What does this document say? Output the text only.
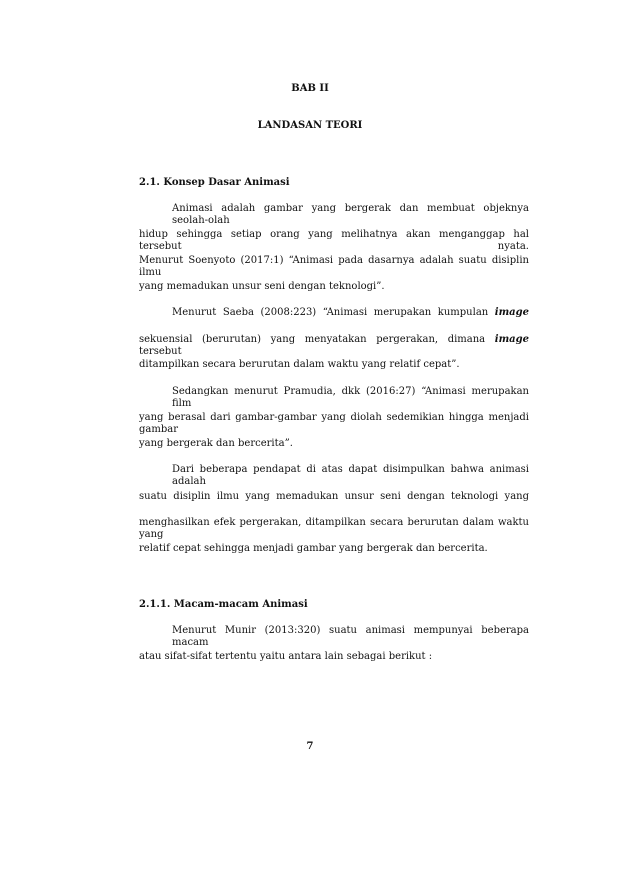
BAB II
LANDASAN TEORI
2.1. Konsep Dasar Animasi
Animasi adalah gambar yang bergerak dan membuat objeknya seolah-olah
hidup sehingga setiap orang yang melihatnya akan menganggap hal tersebut nyata.
Menurut Soenyoto (2017:1) “Animasi pada dasarnya adalah suatu disiplin ilmu
yang memadukan unsur seni dengan teknologi”.
Menurut Saeba (2008:223) “Animasi merupakan kumpulan image
sekuensial (berurutan) yang menyatakan pergerakan, dimana image tersebut
ditampilkan secara berurutan dalam waktu yang relatif cepat”.
Sedangkan menurut Pramudia, dkk (2016:27) “Animasi merupakan film
yang berasal dari gambar-gambar yang diolah sedemikian hingga menjadi gambar
yang bergerak dan bercerita”.
Dari beberapa pendapat di atas dapat disimpulkan bahwa animasi adalah
suatu disiplin ilmu yang memadukan unsur seni dengan teknologi yang
menghasilkan efek pergerakan, ditampilkan secara berurutan dalam waktu yang
relatif cepat sehingga menjadi gambar yang bergerak dan bercerita.
2.1.1. Macam-macam Animasi
Menurut Munir (2013:320) suatu animasi mempunyai beberapa macam
atau sifat-sifat tertentu yaitu antara lain sebagai berikut :
7
